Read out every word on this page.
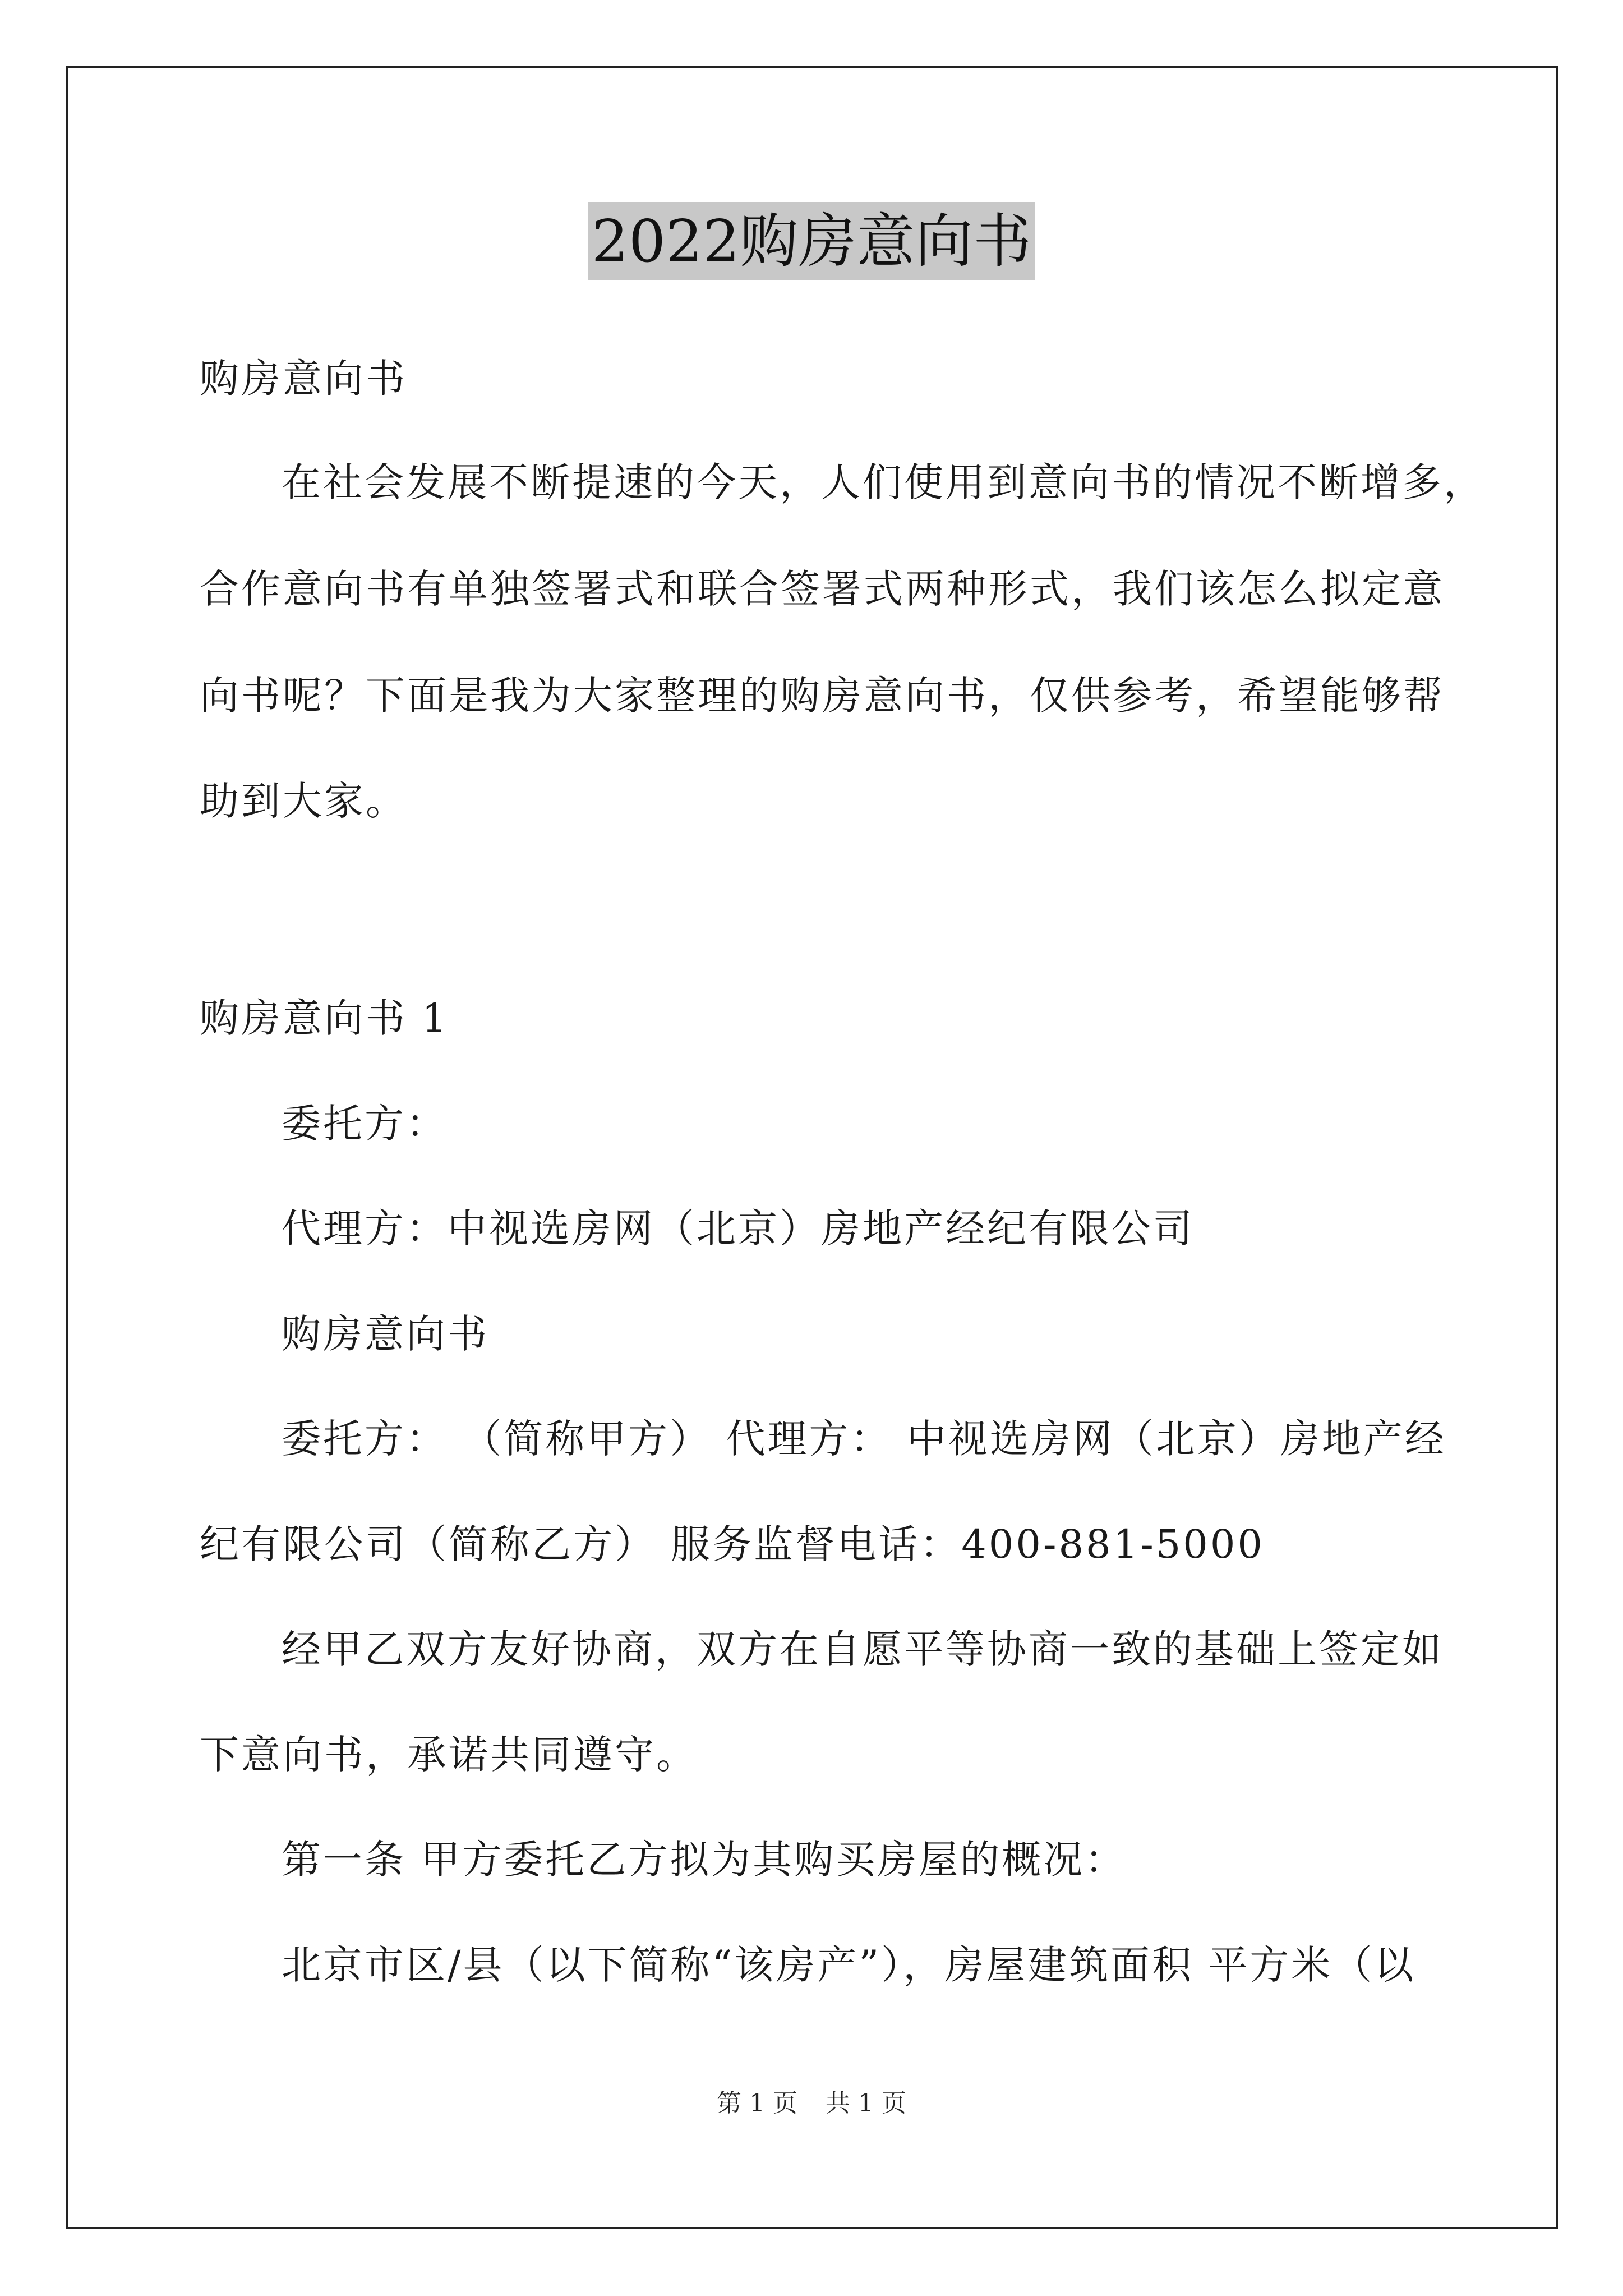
2022购房意向书
购房意向书
在社会发展不断提速的今天，人们使用到意向书的情况不断增多，
合作意向书有单独签署式和联合签署式两种形式，我们该怎么拟定意
向书呢？下面是我为大家整理的购房意向书，仅供参考，希望能够帮
助到大家。
购房意向书 1
委托方：
代理方：中视选房网（北京）房地产经纪有限公司
购房意向书
委托方： （简称甲方） 代理方： 中视选房网（北京）房地产经
纪有限公司（简称乙方） 服务监督电话：400-881-5000
经甲乙双方友好协商，双方在自愿平等协商一致的基础上签定如
下意向书，承诺共同遵守。
第一条 甲方委托乙方拟为其购买房屋的概况：
北京市区/县（以下简称“该房产”），房屋建筑面积 平方米（以
第 1 页 共 1 页
